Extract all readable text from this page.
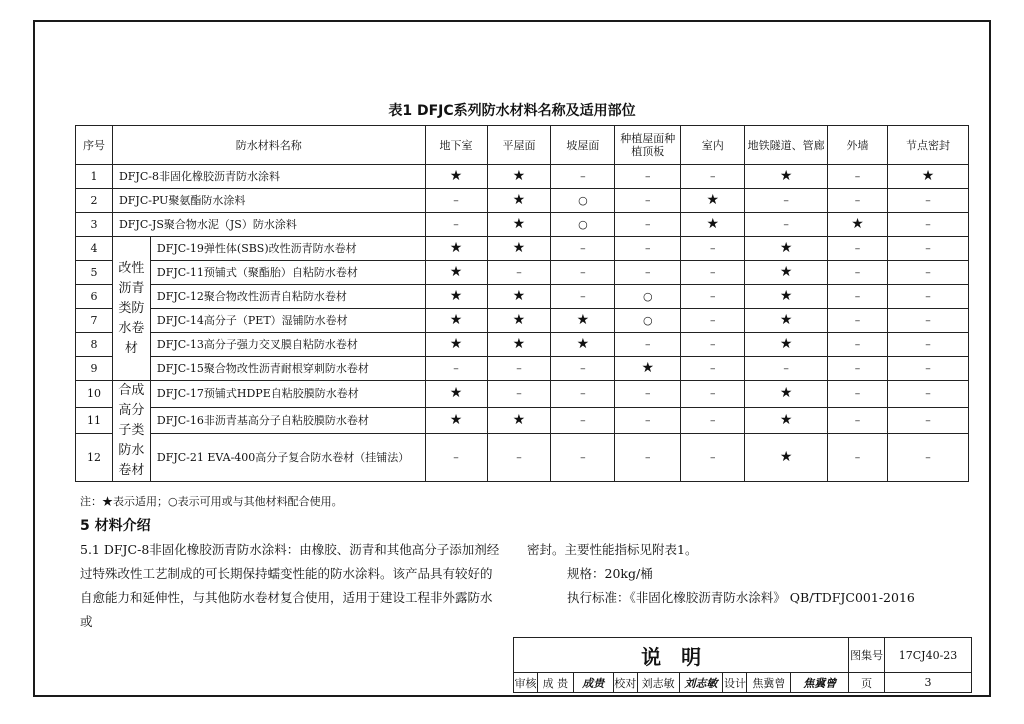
表1 DFJC系列防水材料名称及适用部位
序号	防水材料名称		地下室	平屋面	坡屋面	种植屋面种植顶板	室内	地铁隧道、管廊	外墙	节点密封
1	DFJC-8非固化橡胶沥青防水涂料		★	★	–	–	–	★	–	★
2	DFJC-PU聚氨酯防水涂料		–	★	○	–	★	–	–	–
3	DFJC-JS聚合物水泥（JS）防水涂料		–	★	○	–	★	–	★	–
4	改性沥青类防水卷材	DFJC-19弹性体(SBS)改性沥青防水卷材	★	★	–	–	–	★	–	–
5		DFJC-11预铺式（聚酯胎）自粘防水卷材	★	–	–	–	–	★	–	–
6		DFJC-12聚合物改性沥青自粘防水卷材	★	★	–	○	–	★	–	–
7		DFJC-14高分子（PET）湿铺防水卷材	★	★	★	○	–	★	–	–
8		DFJC-13高分子强力交叉膜自粘防水卷材	★	★	★	–	–	★	–	–
9		DFJC-15聚合物改性沥青耐根穿刺防水卷材	–	–	–	★	–	–	–	–
10	合成高分子类防水卷材	DFJC-17预铺式HDPE自粘胶膜防水卷材	★	–	–	–	–	★	–	–
11		DFJC-16非沥青基高分子自粘胶膜防水卷材	★	★	–	–	–	★	–	–
12		DFJC-21 EVA-400高分子复合防水卷材（挂铺法）	–	–	–	–	–	★	–	–
注：★表示适用；○表示可用或与其他材料配合使用。
5 材料介绍
5.1 DFJC-8非固化橡胶沥青防水涂料：由橡胶、沥青和其他高分子添加剂经过特殊改性工艺制成的可长期保持蠕变性能的防水涂料。该产品具有较好的自愈能力和延伸性，与其他防水卷材复合使用，适用于建设工程非外露防水或
密封。主要性能指标见附表1。
规格：20kg/桶
执行标准：《非固化橡胶沥青防水涂料》 QB/TDFJC001-2016
说明									图集号	17CJ40-23
审核	成 贵	成贵	校对	刘志敏	刘志敏	设计	焦冀曾	焦冀曾	页	3
